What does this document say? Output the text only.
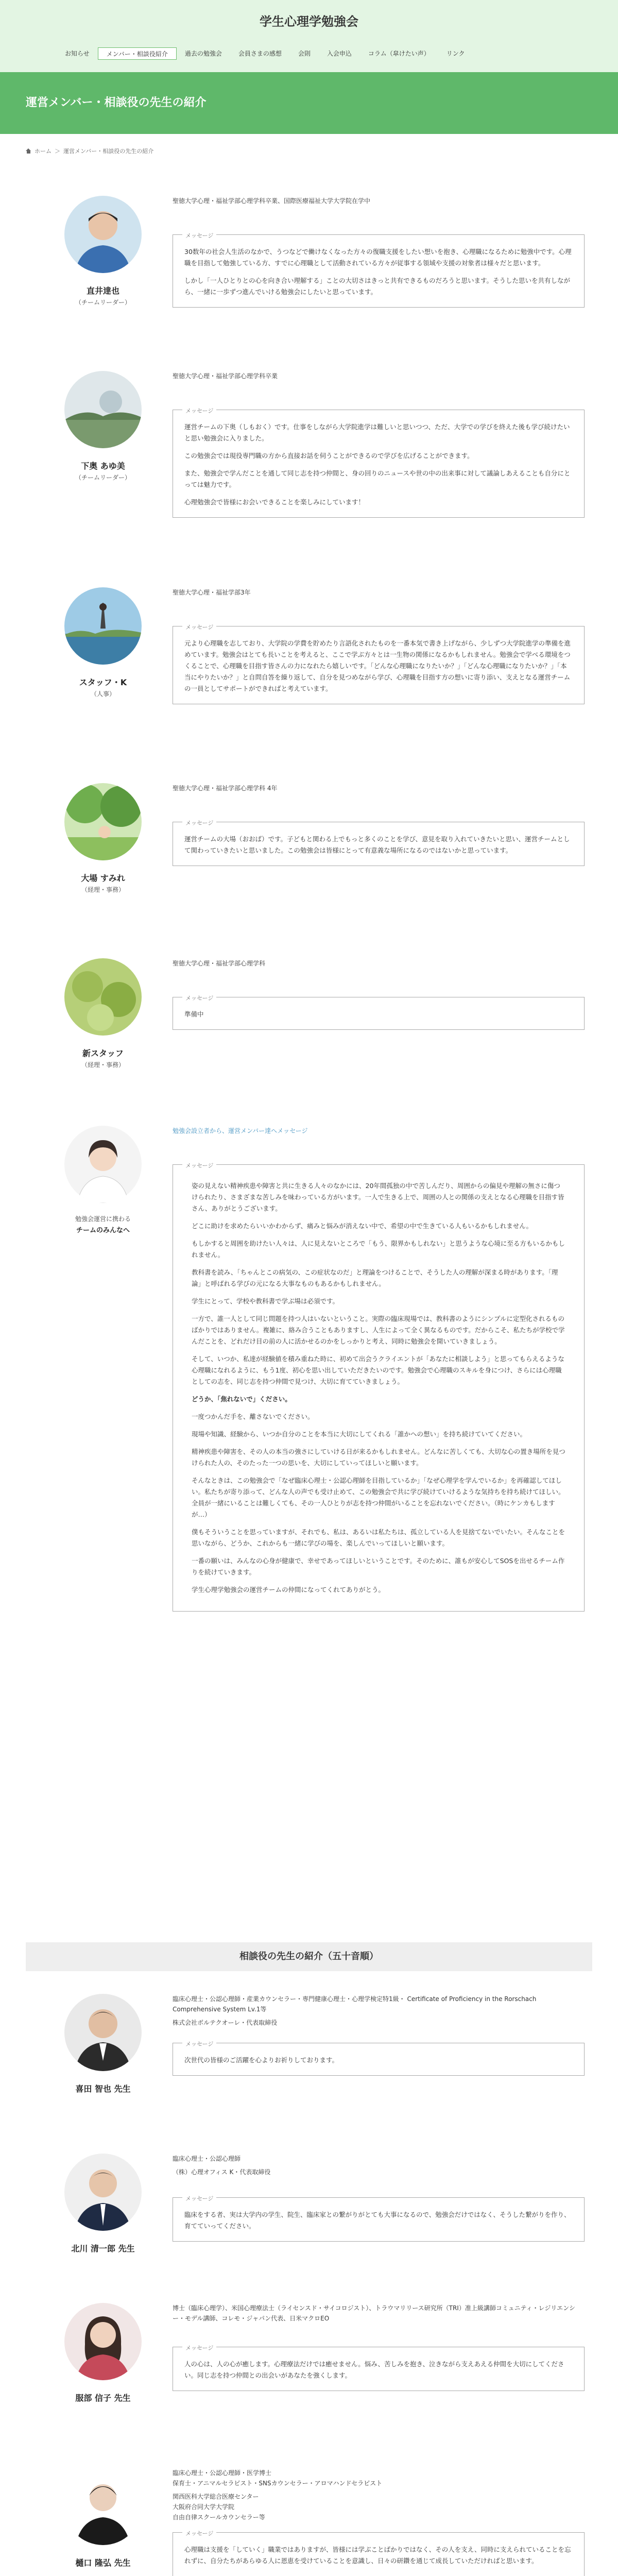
学生心理学勉強会
お知らせ	メンバー・相談役紹介	過去の勉強会	会員さまの感想	会則	入会申込	コラム（皐けたい声）	リンク
運営メンバー・相談役の先生の紹介
ホーム ＞ 運営メンバー・相談役の先生の紹介
直井達也
（チームリーダー）
聖徳大学心理・福祉学部心理学科卒業、国際医療福祉大学大学院在学中
メッセージ

30数年の社会人生活のなかで、うつなどで働けなくなった方々の復職支援をしたい想いを抱き、心理職になるために勉強中です。心理職を目指して勉強している方、すでに心理職として活動されている方々が従事する領域や支援の対象者は様々だと思います。

しかし「一人ひとりとの心を向き合い理解する」ことの大切さはきっと共有できるものだろうと思います。そうした思いを共有しながら、一緒に一歩ずつ進んでいける勉強会にしたいと思っています。

下奥 あゆ美
（チームリーダー）
聖徳大学心理・福祉学部心理学科卒業
メッセージ

運営チームの下奥（しもおく）です。仕事をしながら大学院進学は難しいと思いつつ、ただ、大学での学びを終えた後も学び続けたいと思い勉強会に入りました。

この勉強会では現役専門職の方から直接お話を伺うことができるので学びを広げることができます。

また、勉強会で学んだことを通して同じ志を持つ仲間と、身の回りのニュースや世の中の出来事に対して議論しあえることも自分にとっては魅力です。

心理勉強会で皆様にお会いできることを楽しみにしています！

スタッフ・K
（人事）
聖徳大学心理・福祉学部3年
メッセージ

元より心理職を志しており、大学院の学費を貯めたり言語化されたものを一番本気で書き上げながら、少しずつ大学院進学の準備を進めています。勉強会はとても長いことを考えると、ここで学ぶ方々とは一生物の関係になるかもしれません。勉強会で学べる環境をつくることで、心理職を目指す皆さんの力になれたら嬉しいです。「どんな心理職になりたいか？」「どんな心理職になりたいか？」「本当にやりたいか？」と自問自答を繰り返して、自分を見つめながら学び、心理職を目指す方の想いに寄り添い、支えとなる運営チームの一員としてサポートができればと考えています。

大場 すみれ
（経理・事務）
聖徳大学心理・福祉学部心理学科 4年
メッセージ

運営チームの大場（おおば）です。子どもと関わる上でもっと多くのことを学び、意見を取り入れていきたいと思い、運営チームとして関わっていきたいと思いました。この勉強会は皆様にとって有意義な場所になるのではないかと思っています。

新スタッフ
（経理・事務）
聖徳大学心理・福祉学部心理学科
メッセージ

準備中

勉強会運営に携わる
チームのみんなへ
勉強会設立者から、運営メンバー達へメッセージ
メッセージ

姿の見えない精神疾患や障害と共に生きる人々のなかには、20年間孤独の中で苦しんだり、周囲からの偏見や理解の無さに傷つけられたり、さまざまな苦しみを味わっている方がいます。一人で生きる上で、周囲の人との関係の支えとなる心理職を目指す皆さん、ありがとうございます。

どこに助けを求めたらいいかわからず、痛みと悩みが消えない中で、希望の中で生きている人もいるかもしれません。

もしかすると周囲を助けたい人々は、人に見えないところで「もう、限界かもしれない」と思うような心境に至る方もいるかもしれません。

教科書を読み、「ちゃんとこの病気の、この症状なのだ」と理論をつけることで、そうした人の理解が深まる時があります。「理論」と呼ばれる学びの元になる大事なものもあるかもしれません。

学生にとって、学校や教科書で学ぶ場は必須です。

一方で、誰一人として同じ問題を持つ人はいないということ。実際の臨床現場では、教科書のようにシンプルに定型化されるものばかりではありません。複雑に、絡み合うこともありますし、人生によって全く異なるものです。だからこそ、私たちが学校で学んだことを、どれだけ目の前の人に活かせるのかをしっかりと考え、同時に勉強会を開いていきましょう。

そして、いつか、私達が経験値を積み重ねた時に、初めて出会うクライエントが「あなたに相談しよう」と思ってもらえるような心理職になれるように、もう1度、初心を思い出していただきたいのです。勉強会で心理職のスキルを身につけ、さらには心理職としての志を、同じ志を持つ仲間で見つけ、大切に育てていきましょう。

どうか、「焦れないで」ください。

一度つかんだ手を、離さないでください。

現場や知識、経験から、いつか自分のことを本当に大切にしてくれる「誰かへの想い」を持ち続けていてください。

精神疾患や障害を、その人の本当の強さにしていける日が来るかもしれません。どんなに苦しくても、大切な心の置き場所を見つけられた人の、そのたった一つの思いを、大切にしていってほしいと願います。

そんなときは、この勉強会で「なぜ臨床心理士・公認心理師を目指しているか」「なぜ心理学を学んでいるか」を再確認してほしい。私たちが寄り添って、どんな人の声でも受け止めて、この勉強会で共に学び続けていけるような気持ちを持ち続けてほしい。全員が一緒にいることは難しくても、その一人ひとりが志を持つ仲間がいることを忘れないでください。（時にケンカもしますが…）

僕もそういうことを思っていますが、それでも、私は、あるいは私たちは、孤立している人を見捨てないでいたい。そんなことを思いながら、どうか、これからも一緒に学びの場を、楽しんでいってほしいと願います。

一番の願いは、みんなの心身が健康で、幸せであってほしいということです。そのために、誰もが安心してSOSを出せるチーム作りを続けていきます。

学生心理学勉強会の運営チームの仲間になってくれてありがとう。

相談役の先生の紹介（五十音順）
喜田 智也 先生
臨床心理士・公認心理師・産業カウンセラー・専門健康心理士・心理学検定特1級・ Certificate of Proficiency in the Rorschach Comprehensive System Lv.1等
株式会社ボルテクオーレ・代表取締役
メッセージ

次世代の皆様のご活躍を心よりお祈りしております。

北川 清一郎 先生
臨床心理士・公認心理師
（株）心理オフィス K・代表取締役
メッセージ

臨床をする者、実は大学内の学生、院生、臨床家との繋がりがとても大事になるので、勉強会だけではなく、そうした繋がりを作り、育てていってください。

服部 信子 先生
博士（臨床心理学）、米国心理療法士（ライセンスド・サイコロジスト）、トラウマリリース研究所（TRI）准上級講師コミュニティ・レジリエンシー・モデル講師、コレモ・ジャパン代表、日米マクロEO
メッセージ

人の心は、人の心が癒します。心理療法だけでは癒せません。悩み、苦しみを抱き、泣きながら支えあえる仲間を大切にしてください。同じ志を持つ仲間との出会いがあなたを強くします。

樋口 隆弘 先生
臨床心理士・公認心理師・医学博士
保育士・アニマルセラピスト・SNSカウンセラー・アロマハンドセラピスト
関西医科大学総合医療センター
大阪府合同大学大学院
自由自律スクールカウンセラー等
メッセージ

心理職は支援を「していく」職業ではありますが、皆様には学ぶことばかりではなく、その人を支え、同時に支えられていることを忘れずに、自分たちがあらゆる人に恩恵を受けていることを意識し、日々の研鑽を通じて成長していただければと思います。
